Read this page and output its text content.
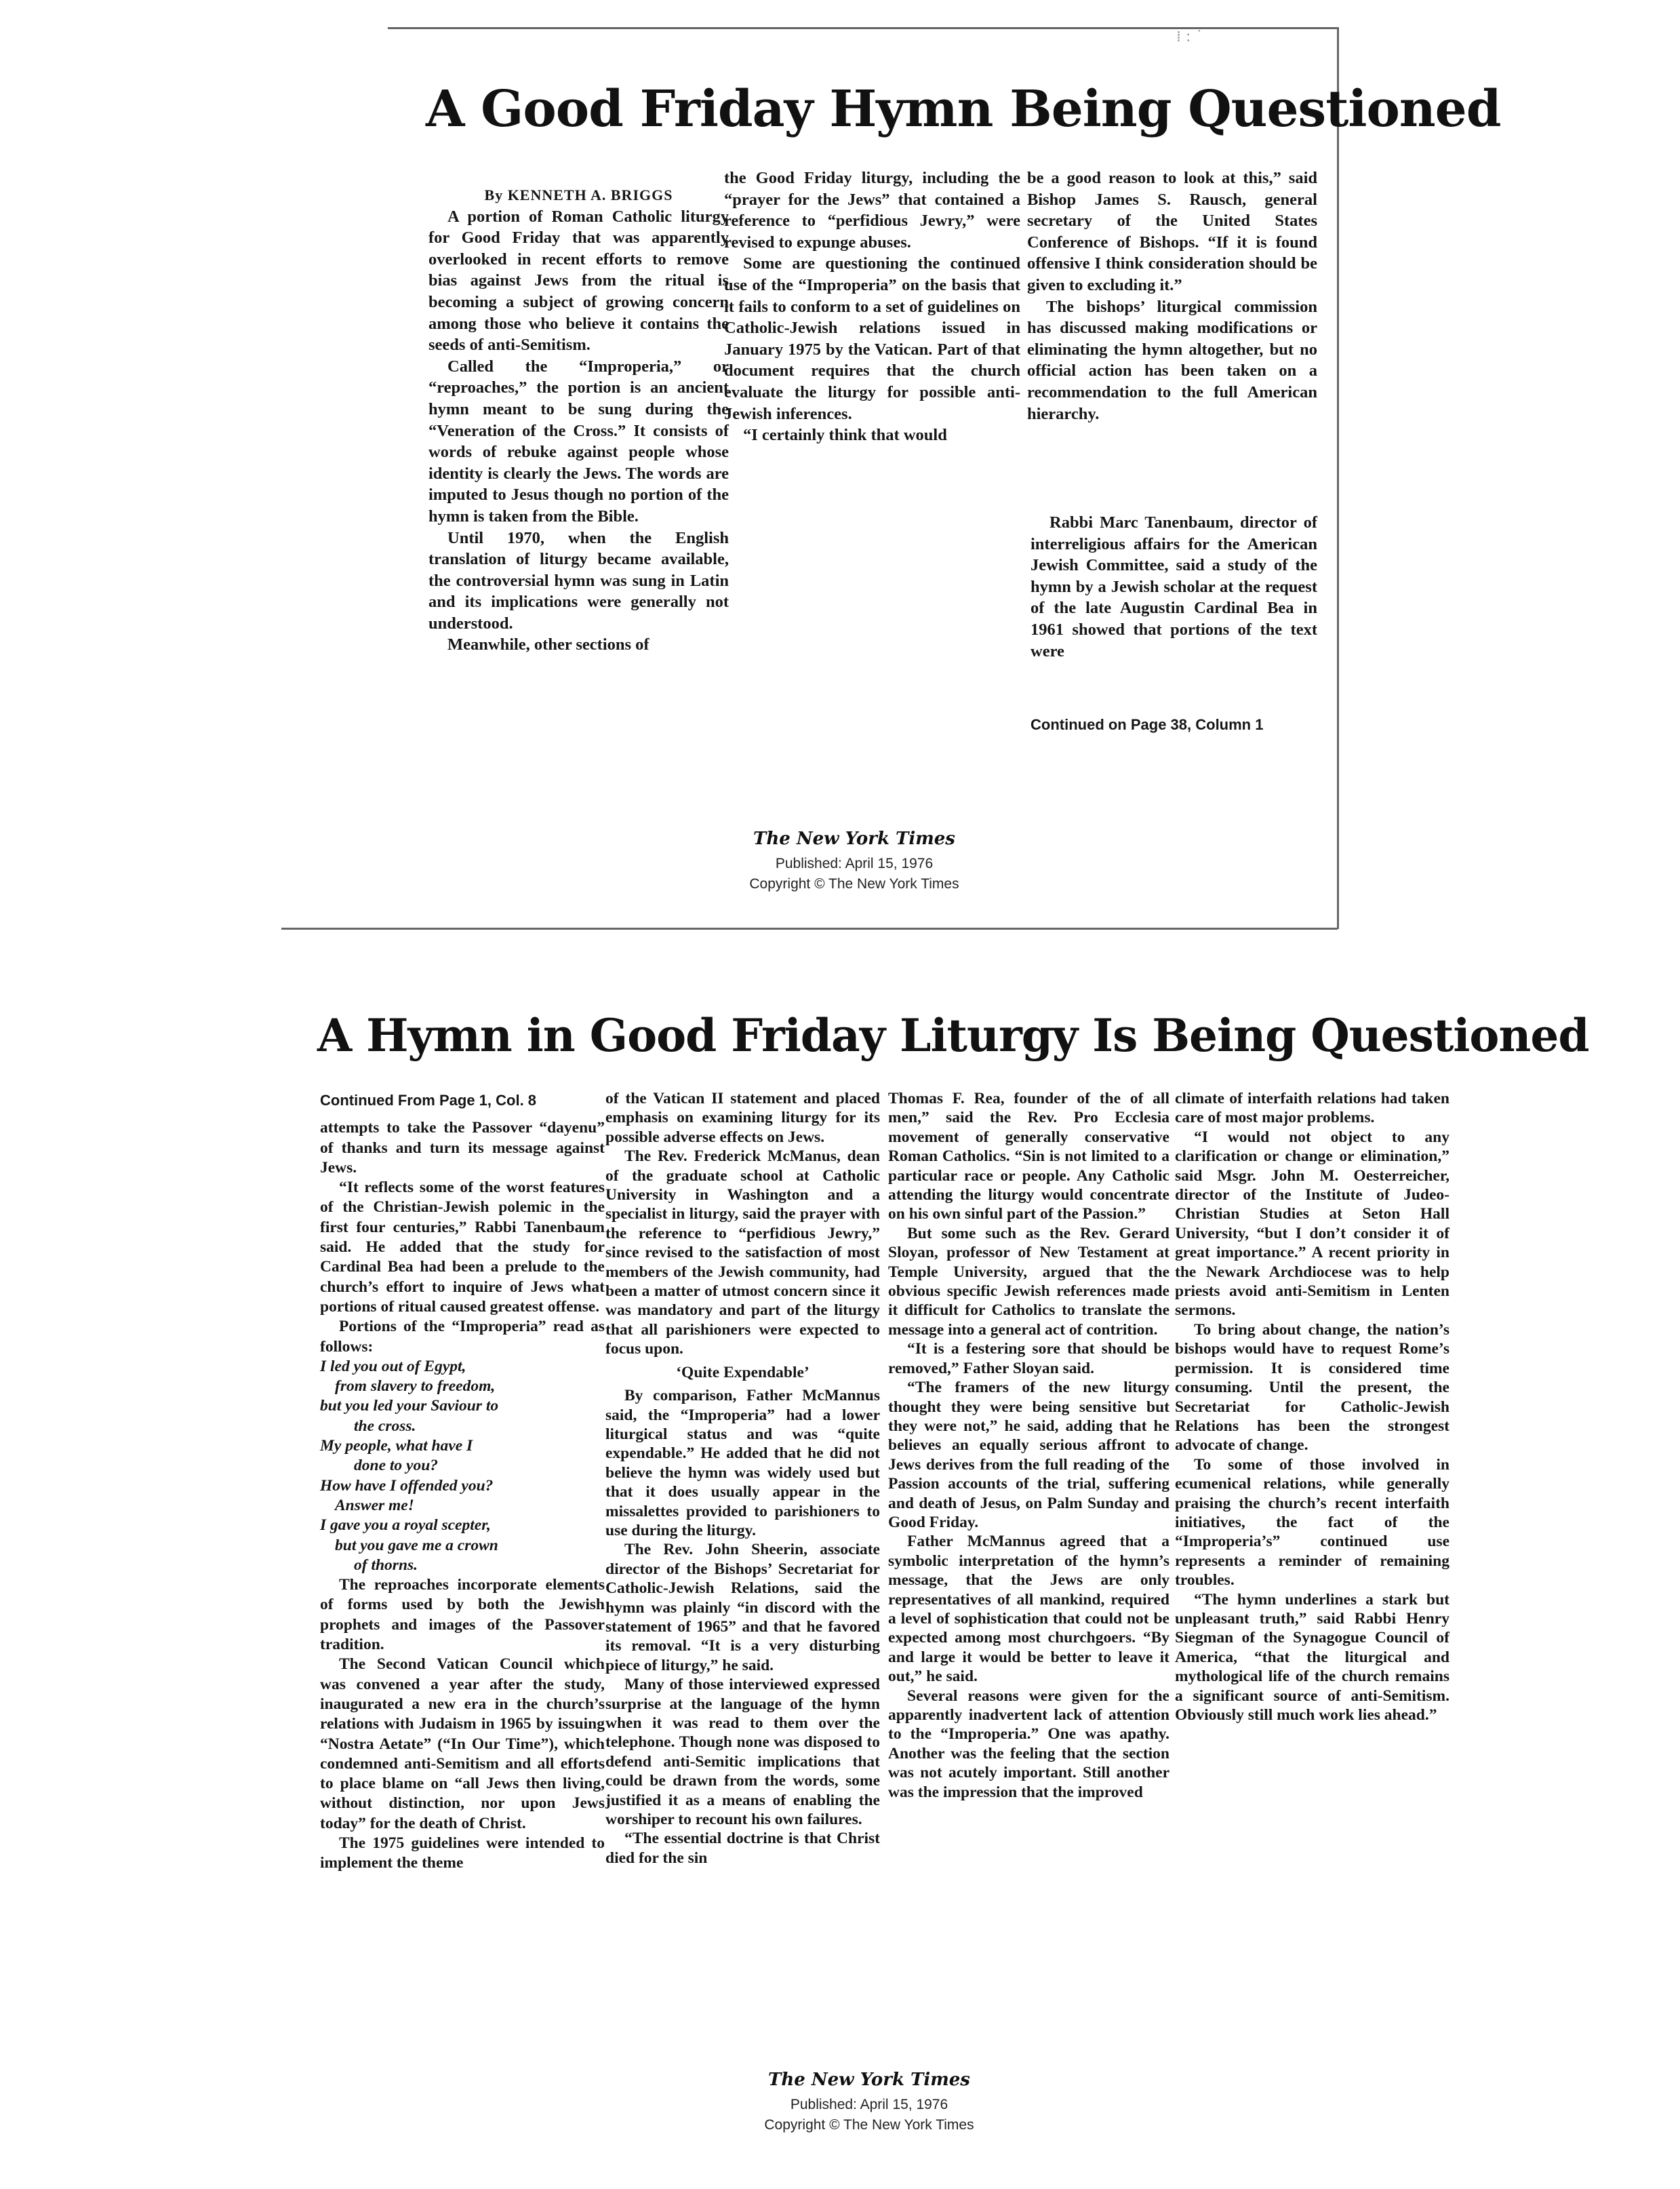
⁞ ꞉ ˙
A Good Friday Hymn Being Questioned

By KENNETH A. BRIGGS

A portion of Roman Catholic liturgy for Good Friday that was apparently overlooked in recent efforts to remove bias against Jews from the ritual is becoming a subject of growing concern among those who believe it contains the seeds of anti-Semitism.

Called the “Improperia,” or “reproaches,” the portion is an ancient hymn meant to be sung during the “Veneration of the Cross.” It consists of words of rebuke against people whose identity is clearly the Jews. The words are imputed to Jesus though no portion of the hymn is taken from the Bible.

Until 1970, when the English translation of liturgy became available, the controversial hymn was sung in Latin and its implications were generally not understood.

Meanwhile, other sections of

the Good Friday liturgy, including the “prayer for the Jews” that contained a reference to “perfidious Jewry,” were revised to expunge abuses.

Some are questioning the continued use of the “Improperia” on the basis that it fails to conform to a set of guidelines on Catholic-Jewish relations issued in January 1975 by the Vatican. Part of that document requires that the church evaluate the liturgy for possible anti-Jewish inferences.

“I certainly think that would

be a good reason to look at this,” said Bishop James S. Rausch, general secretary of the United States Conference of Bishops. “If it is found offensive I think consideration should be given to excluding it.”

The bishops’ liturgical commission has discussed making modifications or eliminating the hymn altogether, but no official action has been taken on a recommendation to the full American hierarchy.

Rabbi Marc Tanenbaum, director of interreligious affairs for the American Jewish Committee, said a study of the hymn by a Jewish scholar at the request of the late Augustin Cardinal Bea in 1961 showed that portions of the text were

Continued on Page 38, Column 1

The New York Times
Published: April 15, 1976
Copyright © The New York Times
A Hymn in Good Friday Liturgy Is Being Questioned

Continued From Page 1, Col. 8

attempts to take the Passover “dayenu” of thanks and turn its message against Jews.

“It reflects some of the worst features of the Christian-Jewish polemic in the first four centuries,” Rabbi Tanenbaum said. He added that the study for Cardinal Bea had been a prelude to the church’s effort to inquire of Jews what portions of ritual caused greatest offense.

Portions of the “Improperia” read as follows:

I led you out of Egypt,
from slavery to freedom,
but you led your Saviour to
the cross.
My people, what have I
done to you?
How have I offended you?
Answer me!
I gave you a royal scepter,
but you gave me a crown
of thorns.

The reproaches incorporate elements of forms used by both the Jewish prophets and images of the Passover tradition.

The Second Vatican Council which was convened a year after the study, inaugurated a new era in the church’s relations with Judaism in 1965 by issuing “Nostra Aetate” (“In Our Time”), which condemned anti-Semitism and all efforts to place blame on “all Jews then living, without distinction, nor upon Jews today” for the death of Christ.

The 1975 guidelines were intended to implement the theme

of the Vatican II statement and placed emphasis on examining liturgy for its possible adverse effects on Jews.

The Rev. Frederick McManus, dean of the graduate school at Catholic University in Washington and a specialist in liturgy, said the prayer with the reference to “perfidious Jewry,” since revised to the satisfaction of most members of the Jewish community, had been a matter of utmost concern since it was mandatory and part of the liturgy that all parishioners were expected to focus upon.

‘Quite Expendable’

By comparison, Father McMannus said, the “Improperia” had a lower liturgical status and was “quite expendable.” He added that he did not believe the hymn was widely used but that it does usually appear in the missalettes provided to parishioners to use during the liturgy.

The Rev. John Sheerin, associate director of the Bishops’ Secretariat for Catholic-Jewish Relations, said the hymn was plainly “in discord with the statement of 1965” and that he favored its removal. “It is a very disturbing piece of liturgy,” he said.

Many of those interviewed expressed surprise at the language of the hymn when it was read to them over the telephone. Though none was disposed to defend anti-Semitic implications that could be drawn from the words, some justified it as a means of enabling the worshiper to recount his own failures.

“The essential doctrine is that Christ died for the sin

Thomas F. Rea, founder of the of all men,” said the Rev. Pro Ecclesia movement of generally conservative Roman Catholics. “Sin is not limited to a particular race or people. Any Catholic attending the liturgy would concentrate on his own sinful part of the Passion.”

But some such as the Rev. Gerard Sloyan, professor of New Testament at Temple University, argued that the obvious specific Jewish references made it difficult for Catholics to translate the message into a general act of contrition.

“It is a festering sore that should be removed,” Father Sloyan said.

“The framers of the new liturgy thought they were being sensitive but they were not,” he said, adding that he believes an equally serious affront to Jews derives from the full reading of the Passion accounts of the trial, suffering and death of Jesus, on Palm Sunday and Good Friday.

Father McMannus agreed that a symbolic interpretation of the hymn’s message, that the Jews are only representatives of all mankind, required a level of sophistication that could not be expected among most churchgoers. “By and large it would be better to leave it out,” he said.

Several reasons were given for the apparently inadvertent lack of attention to the “Improperia.” One was apathy. Another was the feeling that the section was not acutely important. Still another was the impression that the improved

climate of interfaith relations had taken care of most major problems.

“I would not object to any clarification or change or elimination,” said Msgr. John M. Oesterreicher, director of the Institute of Judeo-Christian Studies at Seton Hall University, “but I don’t consider it of great importance.” A recent priority in the Newark Archdiocese was to help priests avoid anti-Semitism in Lenten sermons.

To bring about change, the nation’s bishops would have to request Rome’s permission. It is considered time consuming. Until the present, the Secretariat for Catholic-Jewish Relations has been the strongest advocate of change.

To some of those involved in ecumenical relations, while generally praising the church’s recent interfaith initiatives, the fact of the “Improperia’s” continued use represents a reminder of remaining troubles.

“The hymn underlines a stark but unpleasant truth,” said Rabbi Henry Siegman of the Synagogue Council of America, “that the liturgical and mythological life of the church remains a significant source of anti-Semitism. Obviously still much work lies ahead.”

The New York Times
Published: April 15, 1976
Copyright © The New York Times
